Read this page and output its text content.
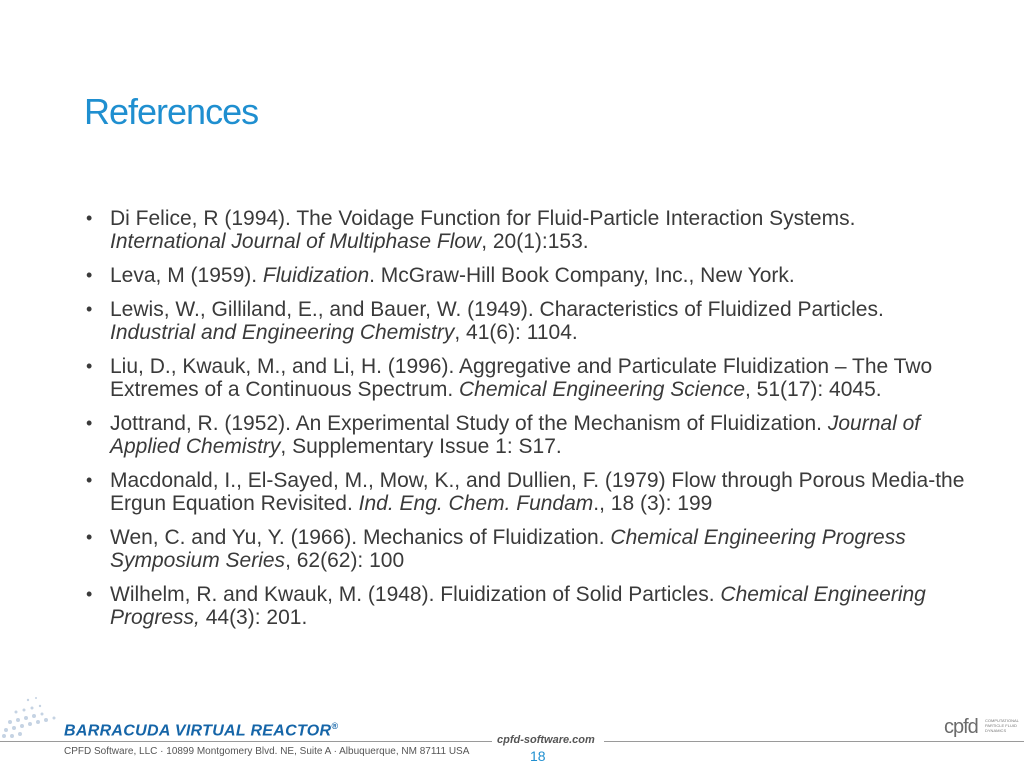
References
• Di Felice, R (1994). The Voidage Function for Fluid-Particle Interaction Systems. International Journal of Multiphase Flow, 20(1):153.
• Leva, M (1959). Fluidization. McGraw-Hill Book Company, Inc., New York.
• Lewis, W., Gilliland, E., and Bauer, W. (1949). Characteristics of Fluidized Particles. Industrial and Engineering Chemistry, 41(6): 1104.
• Liu, D., Kwauk, M., and Li, H. (1996). Aggregative and Particulate Fluidization – The Two Extremes of a Continuous Spectrum. Chemical Engineering Science, 51(17): 4045.
• Jottrand, R. (1952). An Experimental Study of the Mechanism of Fluidization. Journal of Applied Chemistry, Supplementary Issue 1: S17.
• Macdonald, I., El-Sayed, M., Mow, K., and Dullien, F. (1979) Flow through Porous Media-the Ergun Equation Revisited. Ind. Eng. Chem. Fundam., 18 (3): 199
• Wen, C. and Yu, Y. (1966). Mechanics of Fluidization. Chemical Engineering Progress Symposium Series, 62(62): 100
• Wilhelm, R. and Kwauk, M. (1948). Fluidization of Solid Particles. Chemical Engineering Progress, 44(3): 201.
BARRACUDA VIRTUAL REACTOR®
CPFD Software, LLC · 10899 Montgomery Blvd. NE, Suite A · Albuquerque, NM 87111 USA
cpfd-software.com
18
cpfd COMPUTATIONAL PARTICLE FLUID DYNAMICS
